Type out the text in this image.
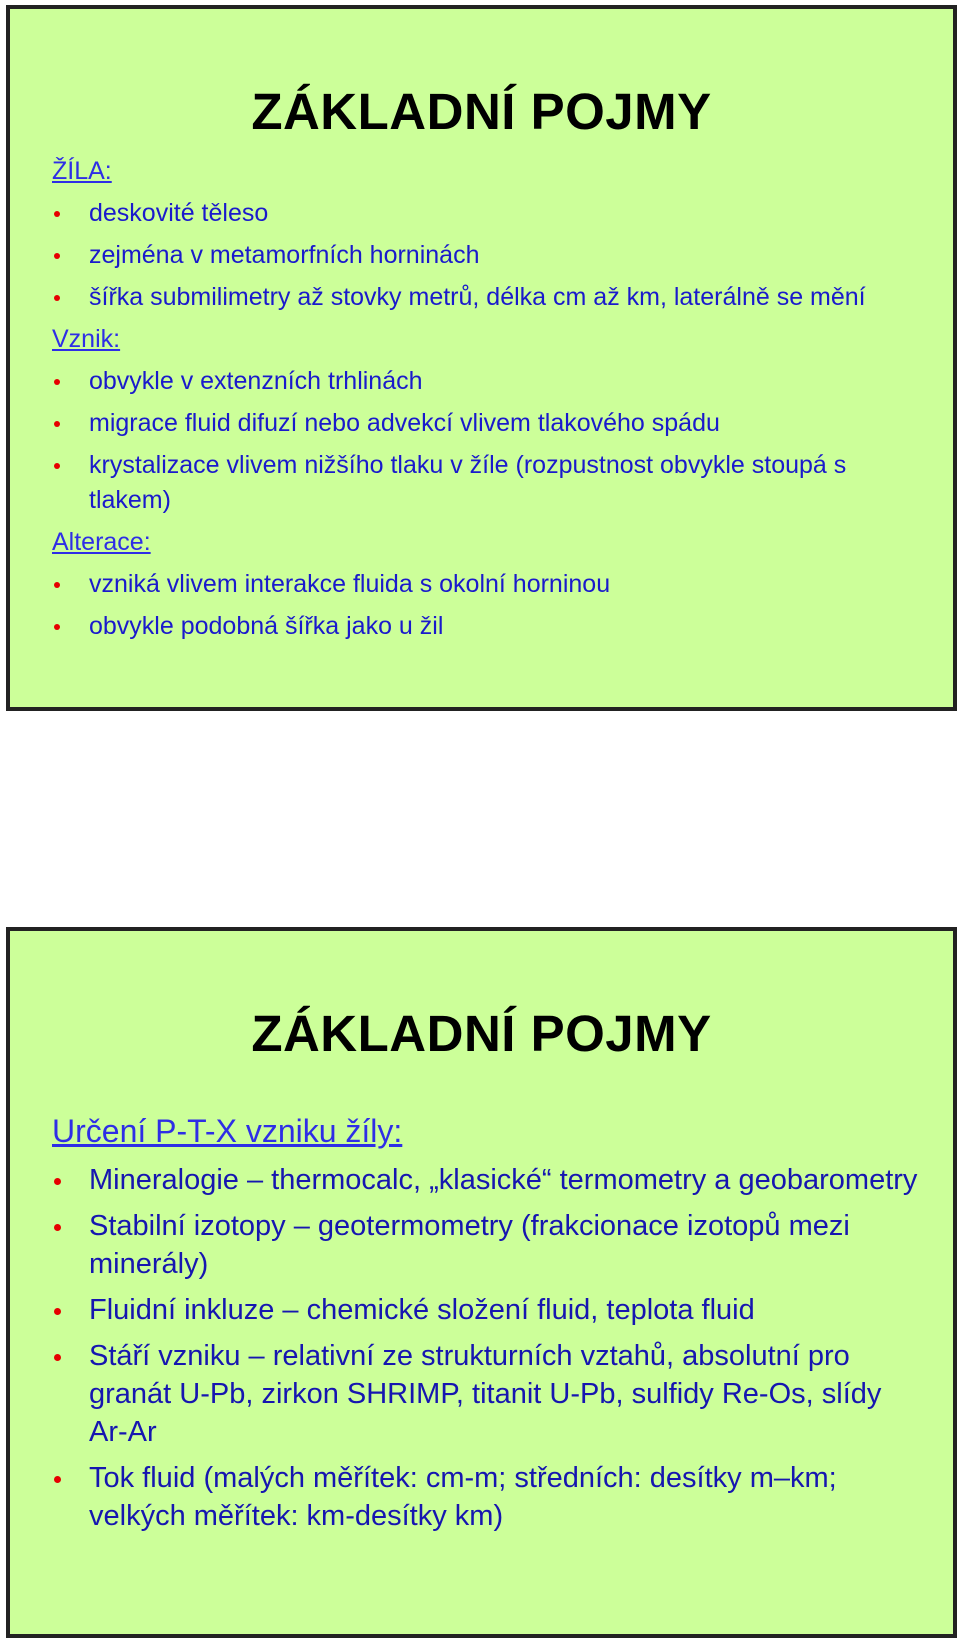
ZÁKLADNÍ POJMY

ŽÍLA:

deskovité těleso
zejména v metamorfních horninách
šířka submilimetry až stovky metrů, délka cm až km, laterálně se mění

Vznik:

obvykle v extenzních trhlinách
migrace fluid difuzí nebo advekcí vlivem tlakového spádu
krystalizace vlivem nižšího tlaku v žíle (rozpustnost obvykle stoupá s tlakem)

Alterace:

vzniká vlivem interakce fluida s okolní horninou
obvykle podobná šířka jako u žil
ZÁKLADNÍ POJMY

Určení P-T-X vzniku žíly:

Mineralogie – thermocalc, „klasické“ termometry a geobarometry
Stabilní izotopy – geotermometry (frakcionace izotopů mezi minerály)
Fluidní inkluze – chemické složení fluid, teplota fluid
Stáří vzniku – relativní ze strukturních vztahů, absolutní pro granát U-Pb, zirkon SHRIMP, titanit U-Pb, sulfidy Re-Os, slídy Ar-Ar
Tok fluid (malých měřítek: cm-m; středních: desítky m–km; velkých měřítek: km-desítky km)
